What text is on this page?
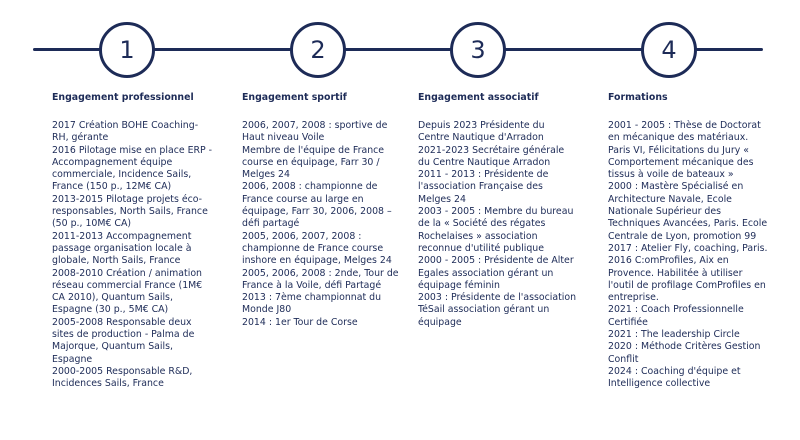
1	2	3	4
Engagement professionnel
2017 Création BOHE Coaching-RH, gérante
2016 Pilotage mise en place ERP - Accompagnement équipe commerciale, Incidence Sails, France (150 p., 12M€ CA)
2013-2015 Pilotage projets éco-responsables, North Sails, France (50 p., 10M€ CA)
2011-2013 Accompagnement passage organisation locale à globale, North Sails, France
2008-2010 Création / animation réseau commercial France (1M€ CA 2010), Quantum Sails, Espagne (30 p., 5M€ CA)
2005-2008 Responsable deux sites de production - Palma de Majorque, Quantum Sails, Espagne
2000-2005 Responsable R&D, Incidences Sails, France
Engagement sportif
2006, 2007, 2008 : sportive de Haut niveau Voile
Membre de l'équipe de France course en équipage, Farr 30 / Melges 24
2006, 2008 : championne de France course au large en équipage, Farr 30, 2006, 2008 – défi partagé
2005, 2006, 2007, 2008 : championne de France course inshore en équipage, Melges 24
2005, 2006, 2008 : 2nde, Tour de France à la Voile, défi Partagé
2013 : 7ème championnat du Monde J80
2014 : 1er Tour de Corse
Engagement associatif
Depuis 2023 Présidente du Centre Nautique d'Arradon
2021-2023 Secrétaire générale du Centre Nautique Arradon
2011 - 2013 : Présidente de l'association Française des Melges 24
2003 - 2005 : Membre du bureau de la « Société des régates Rochelaises » association reconnue d'utilité publique
2000 - 2005 : Présidente de Alter Egales association gérant un équipage féminin
2003 : Présidente de l'association TéSail association gérant un équipage
Formations
2001 - 2005 : Thèse de Doctorat en mécanique des matériaux. Paris VI, Félicitations du Jury « Comportement mécanique des tissus à voile de bateaux »
2000 : Mastère Spécialisé en Architecture Navale, Ecole Nationale Supérieur des Techniques Avancées, Paris. Ecole Centrale de Lyon, promotion 99
2017 : Atelier Fly, coaching, Paris.
2016 C:omProfiles, Aix en Provence. Habilitée à utiliser l'outil de profilage ComProfiles en entreprise.
2021 : Coach Professionnelle Certifiée
2021 : The leadership Circle
2020 : Méthode Critères Gestion Conflit
2024 : Coaching d'équipe et Intelligence collective
